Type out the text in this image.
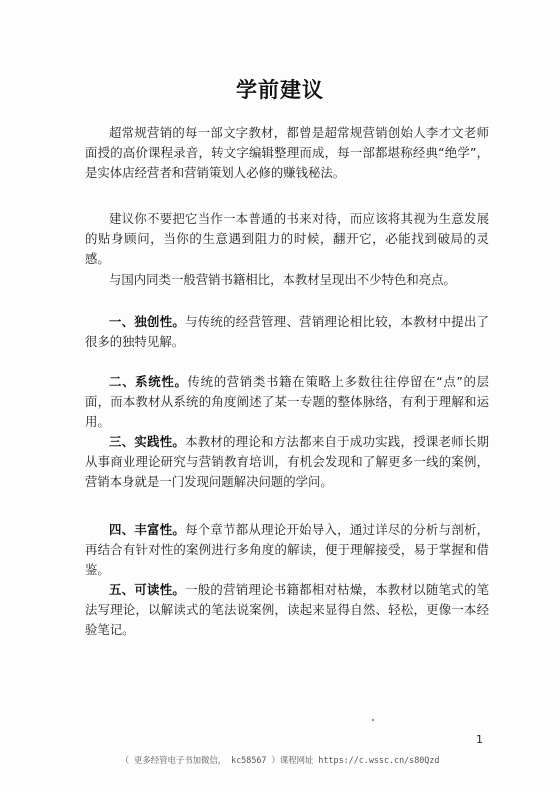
学前建议

超常规营销的每一部文字教材，都曾是超常规营销创始人李才文老师面授的高价课程录音，转文字编辑整理而成，每一部都堪称经典“绝学”，是实体店经营者和营销策划人必修的赚钱秘法。

建议你不要把它当作一本普通的书来对待，而应该将其视为生意发展的贴身顾问，当你的生意遇到阻力的时候，翻开它，必能找到破局的灵感。

与国内同类一般营销书籍相比，本教材呈现出不少特色和亮点。

一、独创性。与传统的经营管理、营销理论相比较，本教材中提出了很多的独特见解。

二、系统性。传统的营销类书籍在策略上多数往往停留在“点”的层面，而本教材从系统的角度阐述了某一专题的整体脉络，有利于理解和运用。

三、实践性。本教材的理论和方法都来自于成功实践，授课老师长期从事商业理论研究与营销教育培训，有机会发现和了解更多一线的案例，营销本身就是一门发现问题解决问题的学问。

四、丰富性。每个章节都从理论开始导入，通过详尽的分析与剖析，再结合有针对性的案例进行多角度的解读，便于理解接受，易于掌握和借鉴。

五、可读性。一般的营销理论书籍都相对枯燥，本教材以随笔式的笔法写理论，以解读式的笔法说案例，读起来显得自然、轻松，更像一本经验笔记。

1
（ 更多经管电子书加微信， kc58567 ）课程网址 https://c.wssc.cn/s80Qzd
